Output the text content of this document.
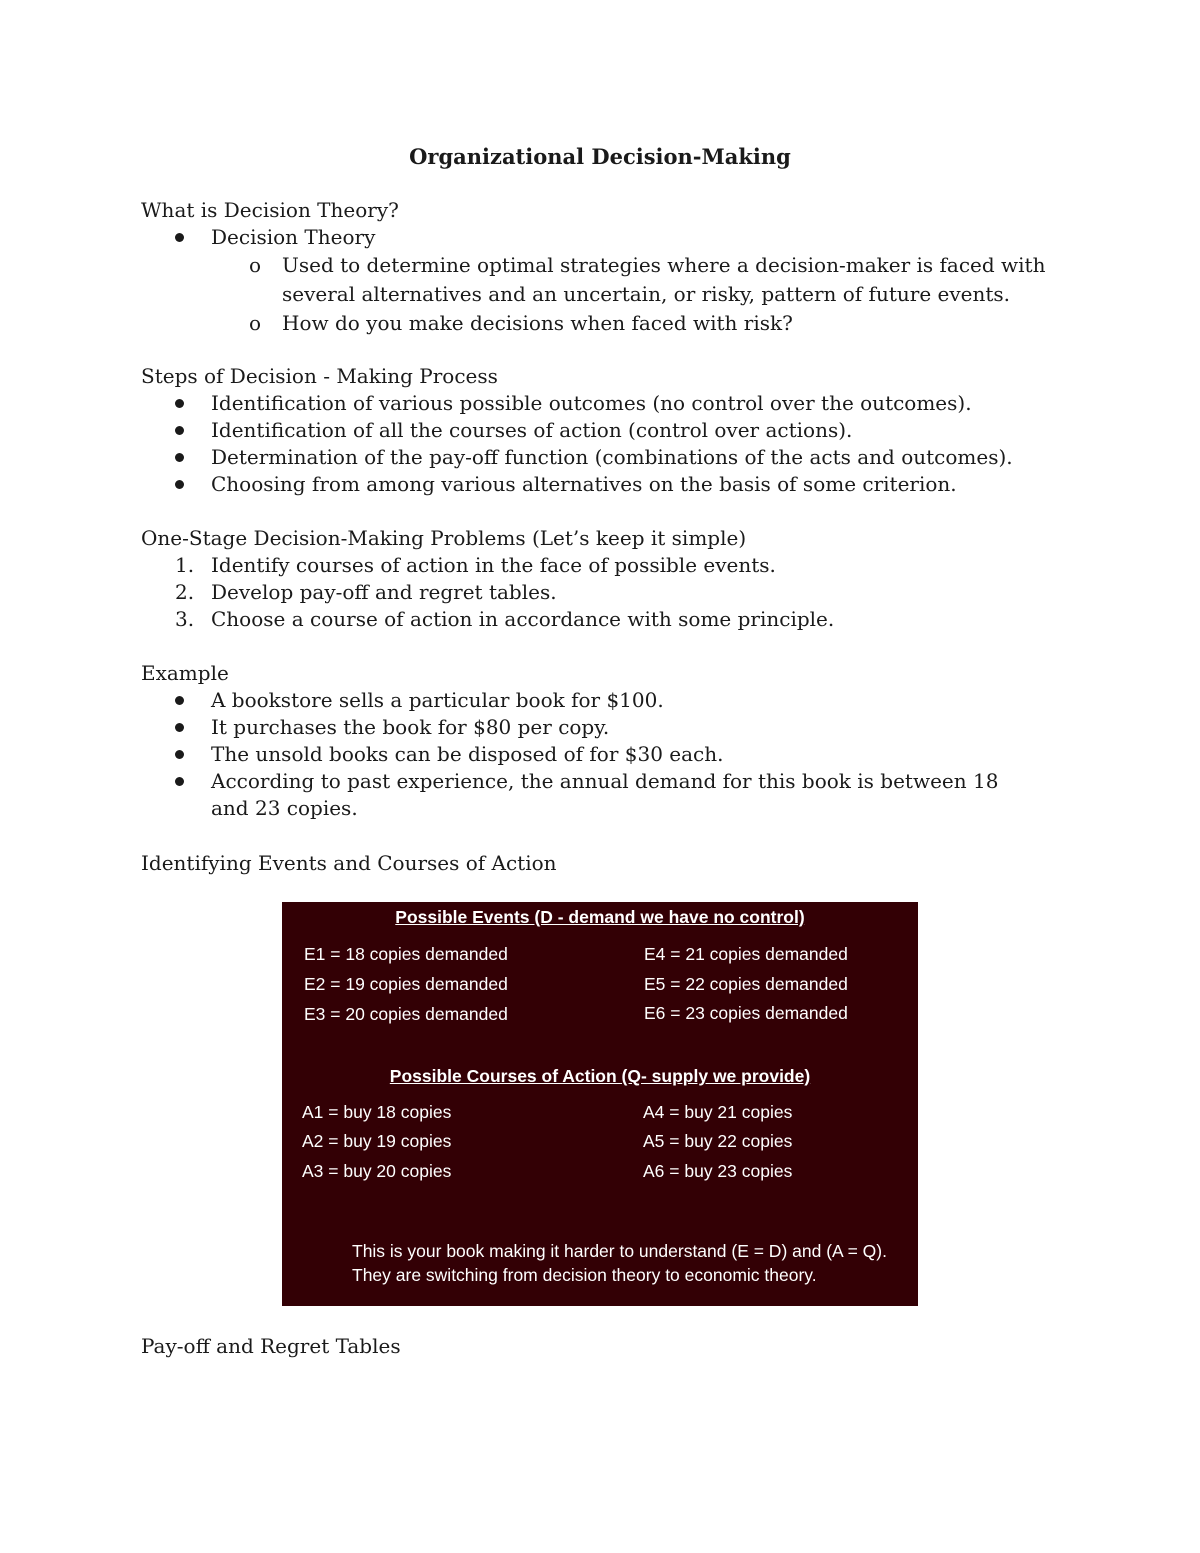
Organizational Decision-Making
What is Decision Theory?
Decision Theory
o Used to determine optimal strategies where a decision-maker is faced with several alternatives and an uncertain, or risky, pattern of future events.
o How do you make decisions when faced with risk?
Steps of Decision - Making Process
Identification of various possible outcomes (no control over the outcomes).
Identification of all the courses of action (control over actions).
Determination of the pay-off function (combinations of the acts and outcomes).
Choosing from among various alternatives on the basis of some criterion.
One-Stage Decision-Making Problems (Let’s keep it simple)
1. Identify courses of action in the face of possible events.
2. Develop pay-off and regret tables.
3. Choose a course of action in accordance with some principle.
Example
A bookstore sells a particular book for $100.
It purchases the book for $80 per copy.
The unsold books can be disposed of for $30 each.
According to past experience, the annual demand for this book is between 18 and 23 copies.
Identifying Events and Courses of Action
Possible Events (D - demand we have no control)
E1 = 18 copies demanded
E2 = 19 copies demanded
E3 = 20 copies demanded
E4 = 21 copies demanded
E5 = 22 copies demanded
E6 = 23 copies demanded
Possible Courses of Action (Q- supply we provide)
A1 = buy 18 copies
A2 = buy 19 copies
A3 = buy 20 copies
A4 = buy 21 copies
A5 = buy 22 copies
A6 = buy 23 copies
This is your book making it harder to understand (E = D) and (A = Q).
They are switching from decision theory to economic theory.
Pay-off and Regret Tables
